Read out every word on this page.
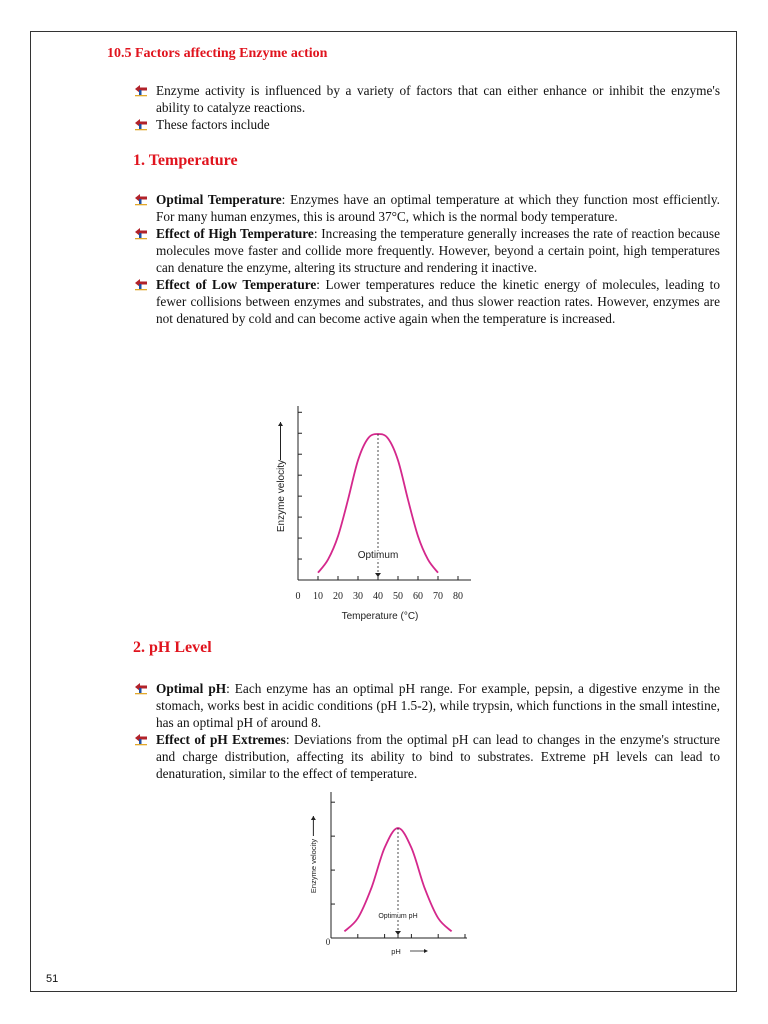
10.5 Factors affecting Enzyme action
Enzyme activity is influenced by a variety of factors that can either enhance or inhibit the enzyme's ability to catalyze reactions.
These factors include
1. Temperature
Optimal Temperature: Enzymes have an optimal temperature at which they function most efficiently. For many human enzymes, this is around 37°C, which is the normal body temperature.
Effect of High Temperature: Increasing the temperature generally increases the rate of reaction because molecules move faster and collide more frequently. However, beyond a certain point, high temperatures can denature the enzyme, altering its structure and rendering it inactive.
Effect of Low Temperature: Lower temperatures reduce the kinetic energy of molecules, leading to fewer collisions between enzymes and substrates, and thus slower reaction rates. However, enzymes are not denatured by cold and can become active again when the temperature is increased.
0 10 20 30 40 50 60 70 80
Optimum
Temperature (°C)
Enzyme velocity
2. pH Level
Optimal pH: Each enzyme has an optimal pH range. For example, pepsin, a digestive enzyme in the stomach, works best in acidic conditions (pH 1.5-2), while trypsin, which functions in the small intestine, has an optimal pH of around 8.
Effect of pH Extremes: Deviations from the optimal pH can lead to changes in the enzyme's structure and charge distribution, affecting its ability to bind to substrates. Extreme pH levels can lead to denaturation, similar to the effect of temperature.
0
Optimum pH
pH
Enzyme velocity
51
